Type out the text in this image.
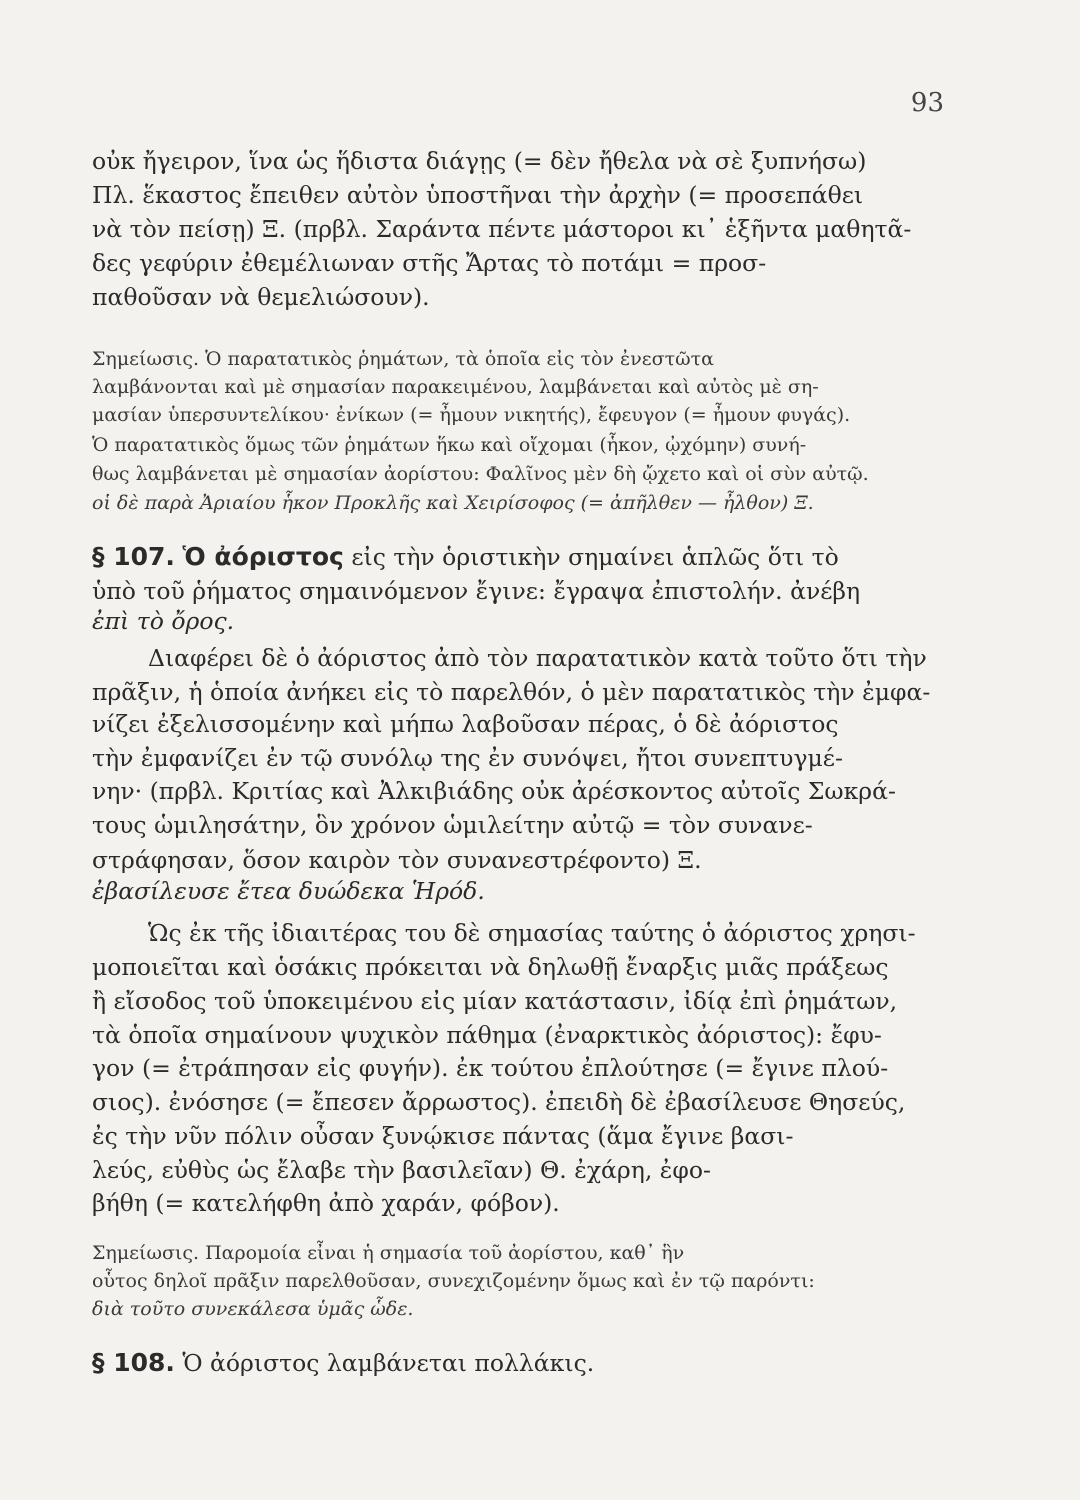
93
οὐκ ἤγειρον, ἵνα ὡς ἥδιστα διάγῃς (= δὲν ἤθελα νὰ σὲ ξυπνήσω)
Πλ. ἕκαστος ἔπειθεν αὐτὸν ὑποστῆναι τὴν ἀρχὴν (= προσεπάθει
νὰ τὸν πείσῃ) Ξ. (πρβλ. Σαράντα πέντε μάστοροι κι᾿ ἑξῆντα μαθητᾶ-
δες γεφύριν ἐθεμέλιωναν στῆς Ἄρτας τὸ ποτάμι = προσ-
παθοῦσαν νὰ θεμελιώσουν).
Σημείωσις. Ὁ παρατατικὸς ῥημάτων, τὰ ὁποῖα εἰς τὸν ἐνεστῶτα
λαμβάνονται καὶ μὲ σημασίαν παρακειμένου, λαμβάνεται καὶ αὐτὸς μὲ ση-
μασίαν ὑπερσυντελίκου· ἐνίκων (= ἦμουν νικητής), ἔφευγον (= ἦμουν φυγάς).
Ὁ παρατατικὸς ὅμως τῶν ῥημάτων ἥκω καὶ οἴχομαι (ἧκον, ᾠχόμην) συνή-
θως λαμβάνεται μὲ σημασίαν ἀορίστου: Φαλῖνος μὲν δὴ ᾤχετο καὶ οἱ σὺν αὐτῷ.
οἱ δὲ παρὰ Ἀριαίου ἧκον Προκλῆς καὶ Χειρίσοφος (= ἀπῆλθεν — ἦλθον) Ξ.
§ 107. Ὁ ἀόριστος εἰς τὴν ὁριστικὴν σημαίνει ἁπλῶς ὅτι τὸ
ὑπὸ τοῦ ῥήματος σημαινόμενον ἔγινε: ἔγραψα ἐπιστολήν. ἀνέβη
ἐπὶ τὸ ὄρος.
Διαφέρει δὲ ὁ ἀόριστος ἀπὸ τὸν παρατατικὸν κατὰ τοῦτο ὅτι τὴν
πρᾶξιν, ἡ ὁποία ἀνήκει εἰς τὸ παρελθόν, ὁ μὲν παρατατικὸς τὴν ἐμφα-
νίζει ἐξελισσομένην καὶ μήπω λαβοῦσαν πέρας, ὁ δὲ ἀόριστος
τὴν ἐμφανίζει ἐν τῷ συνόλῳ της ἐν συνόψει, ἤτοι συνεπτυγμέ-
νην· (πρβλ. Κριτίας καὶ Ἀλκιβιάδης οὐκ ἀρέσκοντος αὐτοῖς Σωκρά-
τους ὡμιλησάτην, ὃν χρόνον ὡμιλείτην αὐτῷ = τὸν συνανε-
στράφησαν, ὅσον καιρὸν τὸν συνανεστρέφοντο) Ξ.
ἐβασίλευσε ἔτεα δυώδεκα Ἡρόδ.
Ὡς ἐκ τῆς ἰδιαιτέρας του δὲ σημασίας ταύτης ὁ ἀόριστος χρησι-
μοποιεῖται καὶ ὁσάκις πρόκειται νὰ δηλωθῇ ἔναρξις μιᾶς πράξεως
ἢ εἴσοδος τοῦ ὑποκειμένου εἰς μίαν κατάστασιν, ἰδίᾳ ἐπὶ ῥημάτων,
τὰ ὁποῖα σημαίνουν ψυχικὸν πάθημα (ἐναρκτικὸς ἀόριστος): ἔφυ-
γον (= ἐτράπησαν εἰς φυγήν). ἐκ τούτου ἐπλούτησε (= ἔγινε πλού-
σιος). ἐνόσησε (= ἔπεσεν ἄρρωστος). ἐπειδὴ δὲ ἐβασίλευσε Θησεύς,
ἐς τὴν νῦν πόλιν οὖσαν ξυνῴκισε πάντας (ἅμα ἔγινε βασι-
λεύς, εὐθὺς ὡς ἔλαβε τὴν βασιλεῖαν) Θ. ἐχάρη, ἐφο-
βήθη (= κατελήφθη ἀπὸ χαράν, φόβον).
Σημείωσις. Παρομοία εἶναι ἡ σημασία τοῦ ἀορίστου, καθ᾿ ἣν
οὗτος δηλοῖ πρᾶξιν παρελθοῦσαν, συνεχιζομένην ὅμως καὶ ἐν τῷ παρόντι:
διὰ τοῦτο συνεκάλεσα ὑμᾶς ὧδε.
§ 108. Ὁ ἀόριστος λαμβάνεται πολλάκις.
